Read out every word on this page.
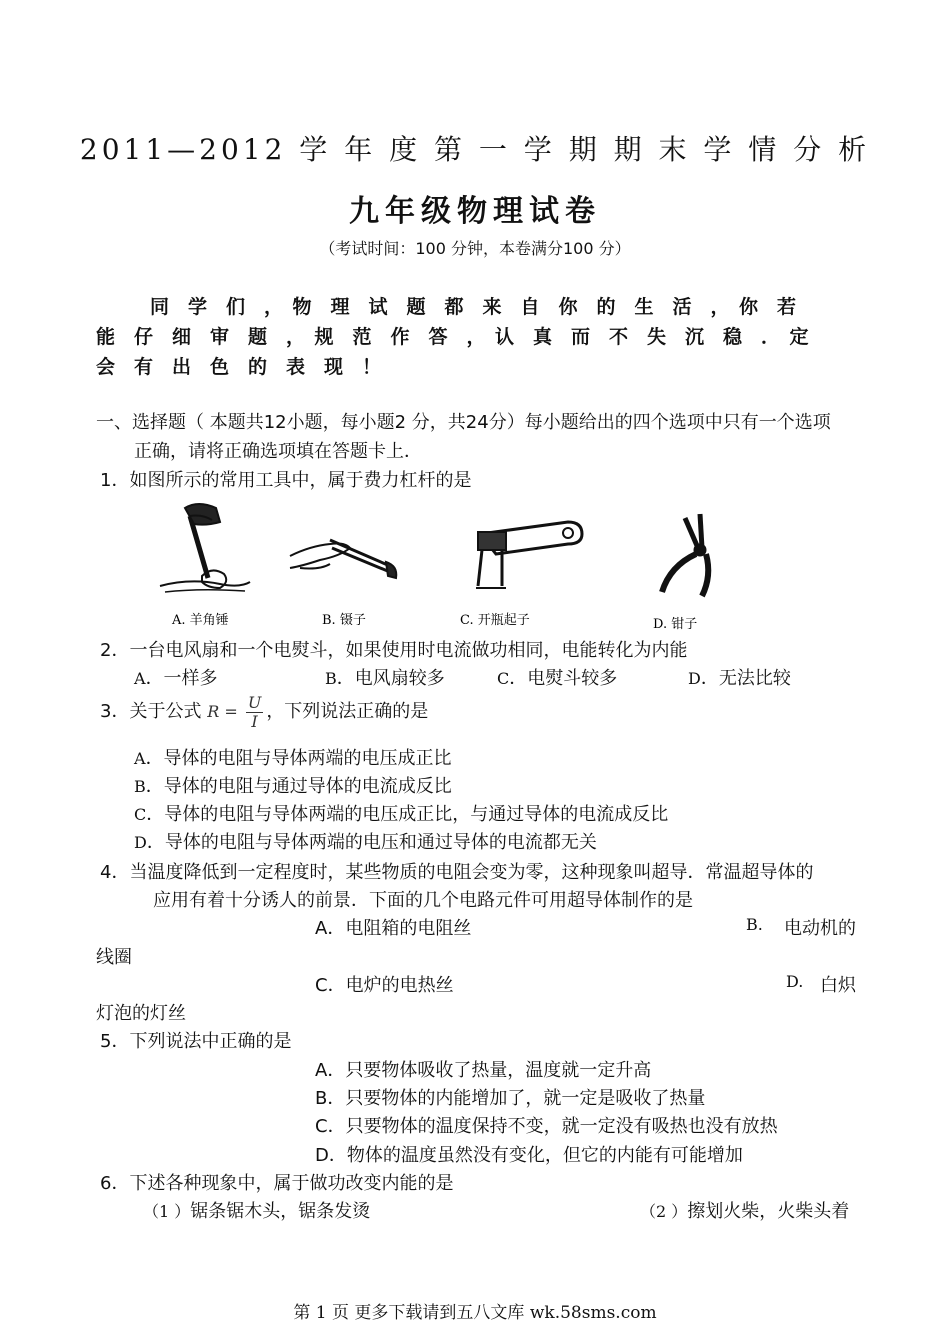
2011—2012 学 年 度 第 一 学 期 期 末 学 情 分 析
九年级物理试卷
（考试时间：100 分钟，本卷满分100 分）
同　学　们　，　物　理　试　题　都　来　自　你　的　生　活　，　你　若
能　仔　细　审　题　，　规　范　作　答　，　认　真　而　不　失　沉　稳　．　定
会　有　出　色　的　表　现　！
一、选择题（ 本题共12小题，每小题2 分，共24分）每小题给出的四个选项中只有一个选项
正确，请将正确选项填在答题卡上．
1．如图所示的常用工具中，属于费力杠杆的是
A. 羊角锤	B. 镊子	C. 开瓶起子	D. 钳子
2．一台电风扇和一个电熨斗，如果使用时电流做功相同，电能转化为内能
A．一样多	B．电风扇较多	C．电熨斗较多	D．无法比较
3．关于公式 $R = \frac{U}{I}$ ，下列说法正确的是
A．导体的电阻与导体两端的电压成正比
B．导体的电阻与通过导体的电流成反比
C．导体的电阻与导体两端的电压成正比，与通过导体的电流成反比
D．导体的电阻与导体两端的电压和通过导体的电流都无关
4．当温度降低到一定程度时，某些物质的电阻会变为零，这种现象叫超导．常温超导体的
应用有着十分诱人的前景．下面的几个电路元件可用超导体制作的是
A．电阻箱的电阻丝	B. 电动机的
线圈
C．电炉的电热丝	D. 白炽
灯泡的灯丝
5．下列说法中正确的是
A．只要物体吸收了热量，温度就一定升高
B．只要物体的内能增加了，就一定是吸收了热量
C．只要物体的温度保持不变，就一定没有吸热也没有放热
D．物体的温度虽然没有变化，但它的内能有可能增加
6．下述各种现象中，属于做功改变内能的是
（1 ）锯条锯木头，锯条发烫	（2 ）擦划火柴，火柴头着
第 1 页 更多下载请到五八文库 wk.58sms.com
